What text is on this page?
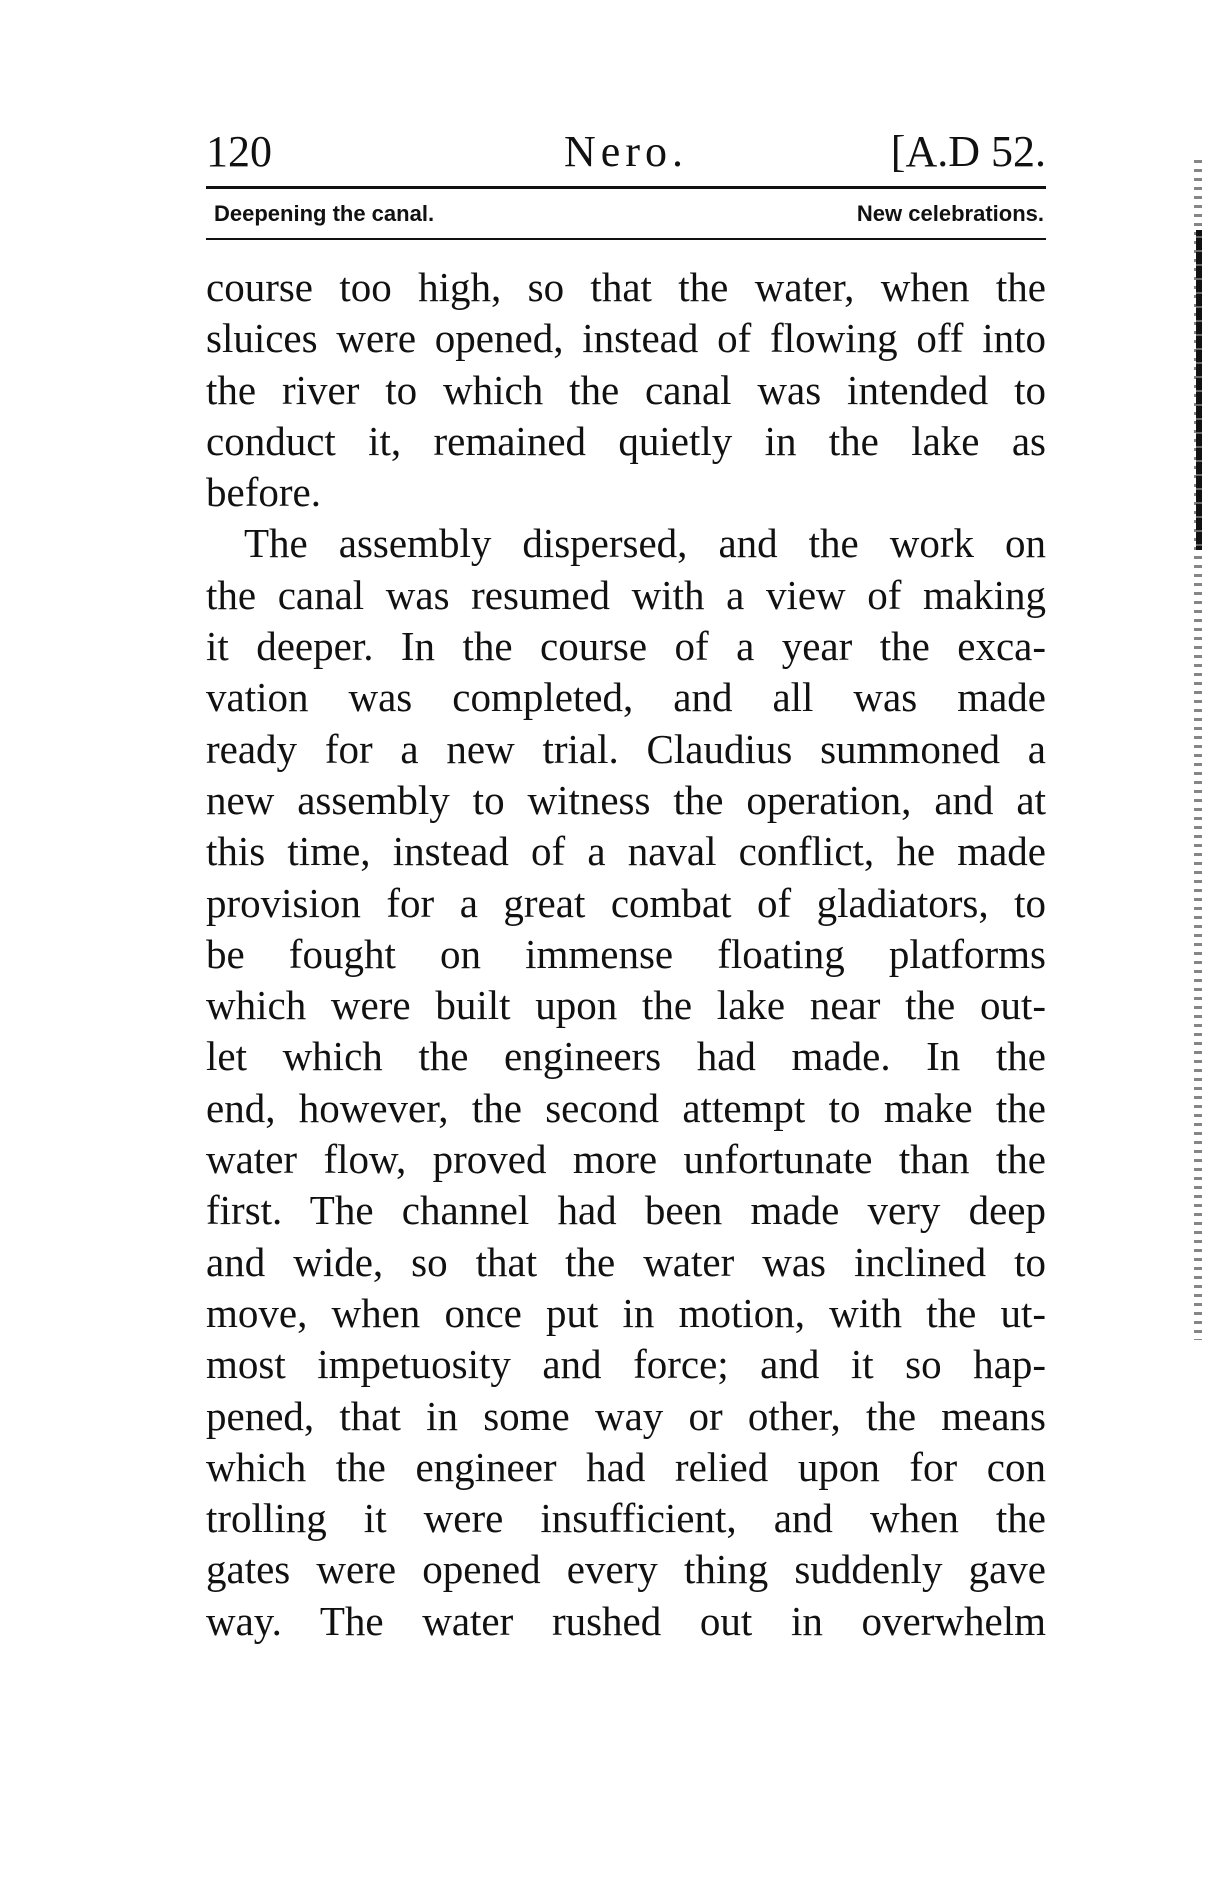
120	Nero.	[A.D 52.
Deepening the canal.	New celebrations.
course too high, so that the water, when the
sluices were opened, instead of flowing off into
the river to which the canal was intended to
conduct it, remained quietly in the lake as
before.
The assembly dispersed, and the work on
the canal was resumed with a view of making
it deeper. In the course of a year the exca-
vation was completed, and all was made
ready for a new trial. Claudius summoned a
new assembly to witness the operation, and at
this time, instead of a naval conflict, he made
provision for a great combat of gladiators, to
be fought on immense floating platforms
which were built upon the lake near the out-
let which the engineers had made. In the
end, however, the second attempt to make the
water flow, proved more unfortunate than the
first. The channel had been made very deep
and wide, so that the water was inclined to
move, when once put in motion, with the ut-
most impetuosity and force; and it so hap-
pened, that in some way or other, the means
which the engineer had relied upon for con
trolling it were insufficient, and when the
gates were opened every thing suddenly gave
way. The water rushed out in overwhelm
